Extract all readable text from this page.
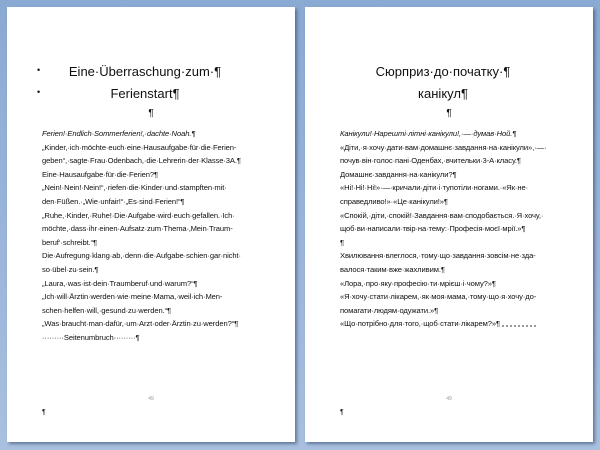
•
•
Eine·Überraschung·zum·¶
Ferienstart¶
¶
Ferien!·Endlich·Sommerferien!,·dachte·Noah.¶
„Kinder,·ich·möchte·euch·eine·Hausaufgabe·für·die·Ferien-
geben“,·sagte·Frau·Odenbach,·die·Lehrerin·der·Klasse·3A.¶
Eine·Hausaufgabe·für·die·Ferien?¶
„Nein!·Nein!·Nein!“,·riefen·die·Kinder·und·stampften·mit·
den·Füßen.·„Wie·unfair!“·„Es·sind·Ferien!“¶
„Ruhe,·Kinder,·Ruhe!·Die·Aufgabe·wird·euch·gefallen.·Ich·
möchte,·dass·ihr·einen·Aufsatz·zum·Thema·‚Mein·Traum-
beruf‘·schreibt.“¶
Die·Aufregung·klang·ab,·denn·die·Aufgabe·schien·gar·nicht·
so·übel·zu·sein.¶
„Laura,·was·ist·dein·Traumberuf·und·warum?“¶
„Ich·will·Ärztin·werden·wie·meine·Mama,·weil·ich·Men-
schen·helfen·will,·gesund·zu·werden.“¶
„Was·braucht·man·dafür,·um·Arzt·oder·Ärztin·zu·werden?“¶
·········Seitenumbruch·········¶
49
¶
Сюрприз·до·початку·¶
канікул¶
¶
Канікули!·Нарешті·літні·канікули!,·—·думав·Ной.¶
«Діти,·я·хочу·дати·вам·домашнє·завдання·на·канікули»,·—·
почув·він·голос·пані·Оденбах,·вчительки·3-А·класу.¶
Домашнє·завдання·на·канікули?¶
«Ні!·Ні!·Ні!»·—·кричали·діти·і·тупотіли·ногами.·«Як·не·
справедливо!»·«Це·канікули!»¶
«Спокій,·діти,·спокій!·Завдання·вам·сподобається.·Я·хочу,·
щоб·ви·написали·твір·на·тему:·Професія·моєї·мрії.»¶
¶
Хвилювання·влеглося,·тому·що·завдання·зовсім·не·зда-
валося·таким·вже·жахливим.¶
«Лора,·про·яку·професію·ти·мрієш·і·чому?»¶
«Я·хочу·стати·лікарем,·як·моя·мама,·тому·що·я·хочу·до-
помагати·людям·одужати.»¶
«Що·потрібно·для·того,·щоб·стати·лікарем?»¶
49
¶
